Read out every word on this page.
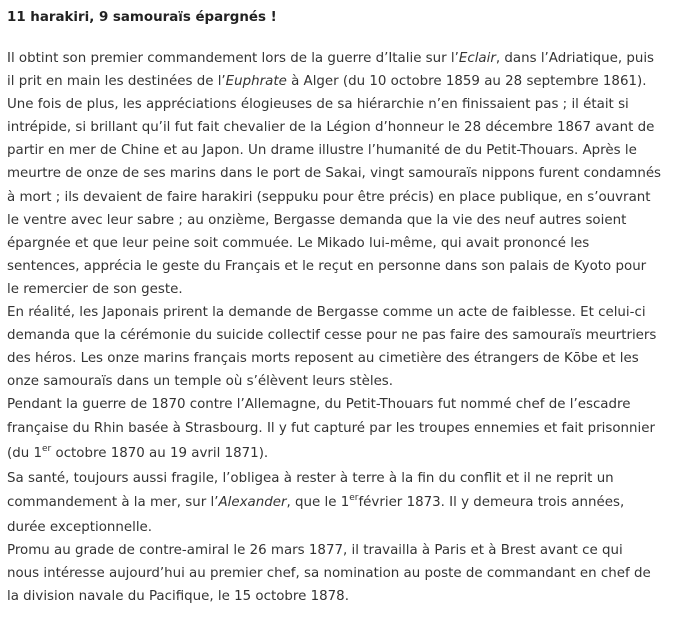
11 harakiri, 9 samouraïs épargnés !
Il obtint son premier commandement lors de la guerre d’Italie sur l’Eclair, dans l’Adriatique, puis
il prit en main les destinées de l’Euphrate à Alger (du 10 octobre 1859 au 28 septembre 1861).
Une fois de plus, les appréciations élogieuses de sa hiérarchie n’en finissaient pas ; il était si
intrépide, si brillant qu’il fut fait chevalier de la Légion d’honneur le 28 décembre 1867 avant de
partir en mer de Chine et au Japon. Un drame illustre l’humanité de du Petit-Thouars. Après le
meurtre de onze de ses marins dans le port de Sakai, vingt samouraïs nippons furent condamnés
à mort ; ils devaient de faire harakiri (seppuku pour être précis) en place publique, en s’ouvrant
le ventre avec leur sabre ; au onzième, Bergasse demanda que la vie des neuf autres soient
épargnée et que leur peine soit commuée. Le Mikado lui-même, qui avait prononcé les
sentences, apprécia le geste du Français et le reçut en personne dans son palais de Kyoto pour
le remercier de son geste.
En réalité, les Japonais prirent la demande de Bergasse comme un acte de faiblesse. Et celui-ci
demanda que la cérémonie du suicide collectif cesse pour ne pas faire des samouraïs meurtriers
des héros. Les onze marins français morts reposent au cimetière des étrangers de Kōbe et les
onze samouraïs dans un temple où s’élèvent leurs stèles.
Pendant la guerre de 1870 contre l’Allemagne, du Petit-Thouars fut nommé chef de l’escadre
française du Rhin basée à Strasbourg. Il y fut capturé par les troupes ennemies et fait prisonnier
(du 1er octobre 1870 au 19 avril 1871).
Sa santé, toujours aussi fragile, l’obligea à rester à terre à la fin du conflit et il ne reprit un
commandement à la mer, sur l’Alexander, que le 1erfévrier 1873. Il y demeura trois années,
durée exceptionnelle.
Promu au grade de contre-amiral le 26 mars 1877, il travailla à Paris et à Brest avant ce qui
nous intéresse aujourd’hui au premier chef, sa nomination au poste de commandant en chef de
la division navale du Pacifique, le 15 octobre 1878.
